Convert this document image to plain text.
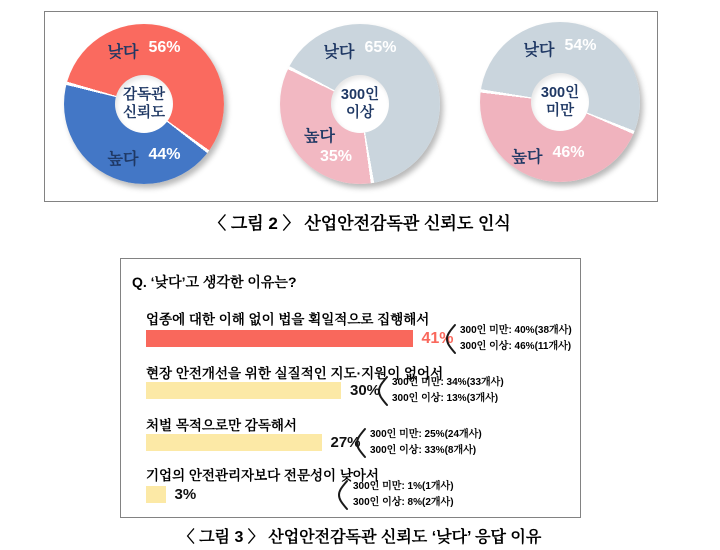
감독관
신뢰도
낮다 56%
높다 44%
300인
이상
낮다 65%
높다
35%
300인
미만
낮다 54%
높다 46%
〈 그림 2 〉 산업안전감독관 신뢰도 인식
Q. ‘낮다’고 생각한 이유는?
업종에 대한 이해 없이 법을 획일적으로 집행해서
41% 300인 미만: 40%(38개사)
300인 이상: 46%(11개사)
현장 안전개선을 위한 실질적인 지도·지원이 없어서
30% 300인 미만: 34%(33개사)
300인 이상: 13%(3개사)
처벌 목적으로만 감독해서
27% 300인 미만: 25%(24개사)
300인 이상: 33%(8개사)
기업의 안전관리자보다 전문성이 낮아서
3%	300인 미만: 1%(1개사)
300인 이상: 8%(2개사)
〈 그림 3 〉 산업안전감독관 신뢰도 ‘낮다’ 응답 이유
